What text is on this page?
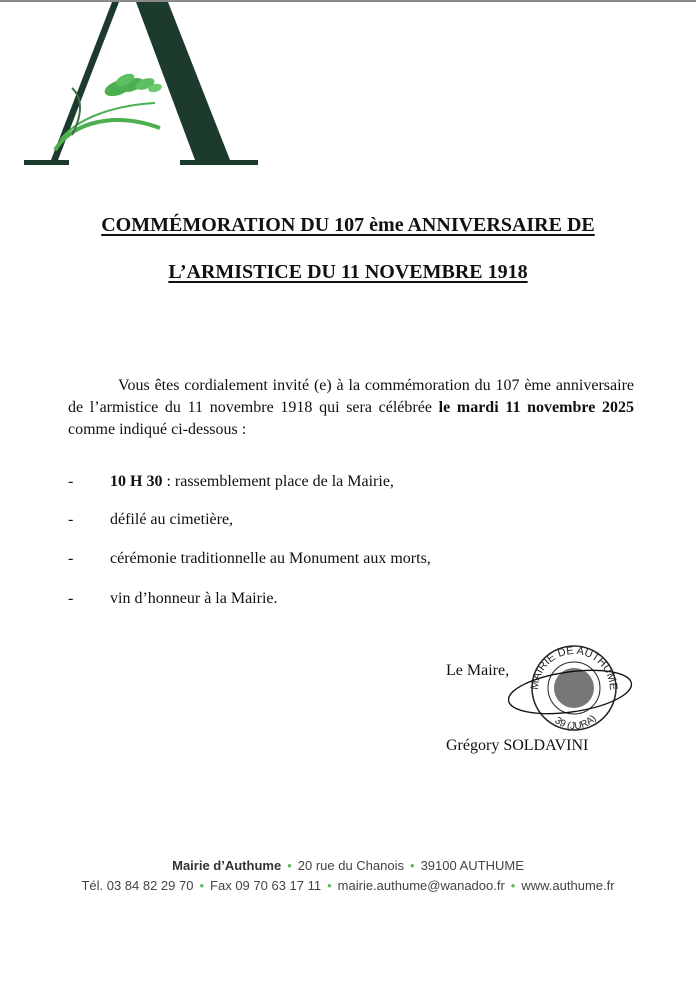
COMMÉMORATION DU 107 ème ANNIVERSAIRE DE
L’ARMISTICE DU 11 NOVEMBRE 1918
Vous êtes cordialement invité (e) à la commémoration du 107 ème anniversaire de l’armistice du 11 novembre 1918 qui sera célébrée le mardi 11 novembre 2025 comme indiqué ci-dessous :
- 10 H 30 : rassemblement place de la Mairie,
- défilé au cimetière,
- cérémonie traditionnelle au Monument aux morts,
- vin d’honneur à la Mairie.
Le Maire,
MAIRIE DE AUTHUME
39 (JURA)
Grégory SOLDAVINI
Mairie d’Authume • 20 rue du Chanois • 39100 AUTHUME
Tél. 03 84 82 29 70 • Fax 09 70 63 17 11 • mairie.authume@wanadoo.fr • www.authume.fr
